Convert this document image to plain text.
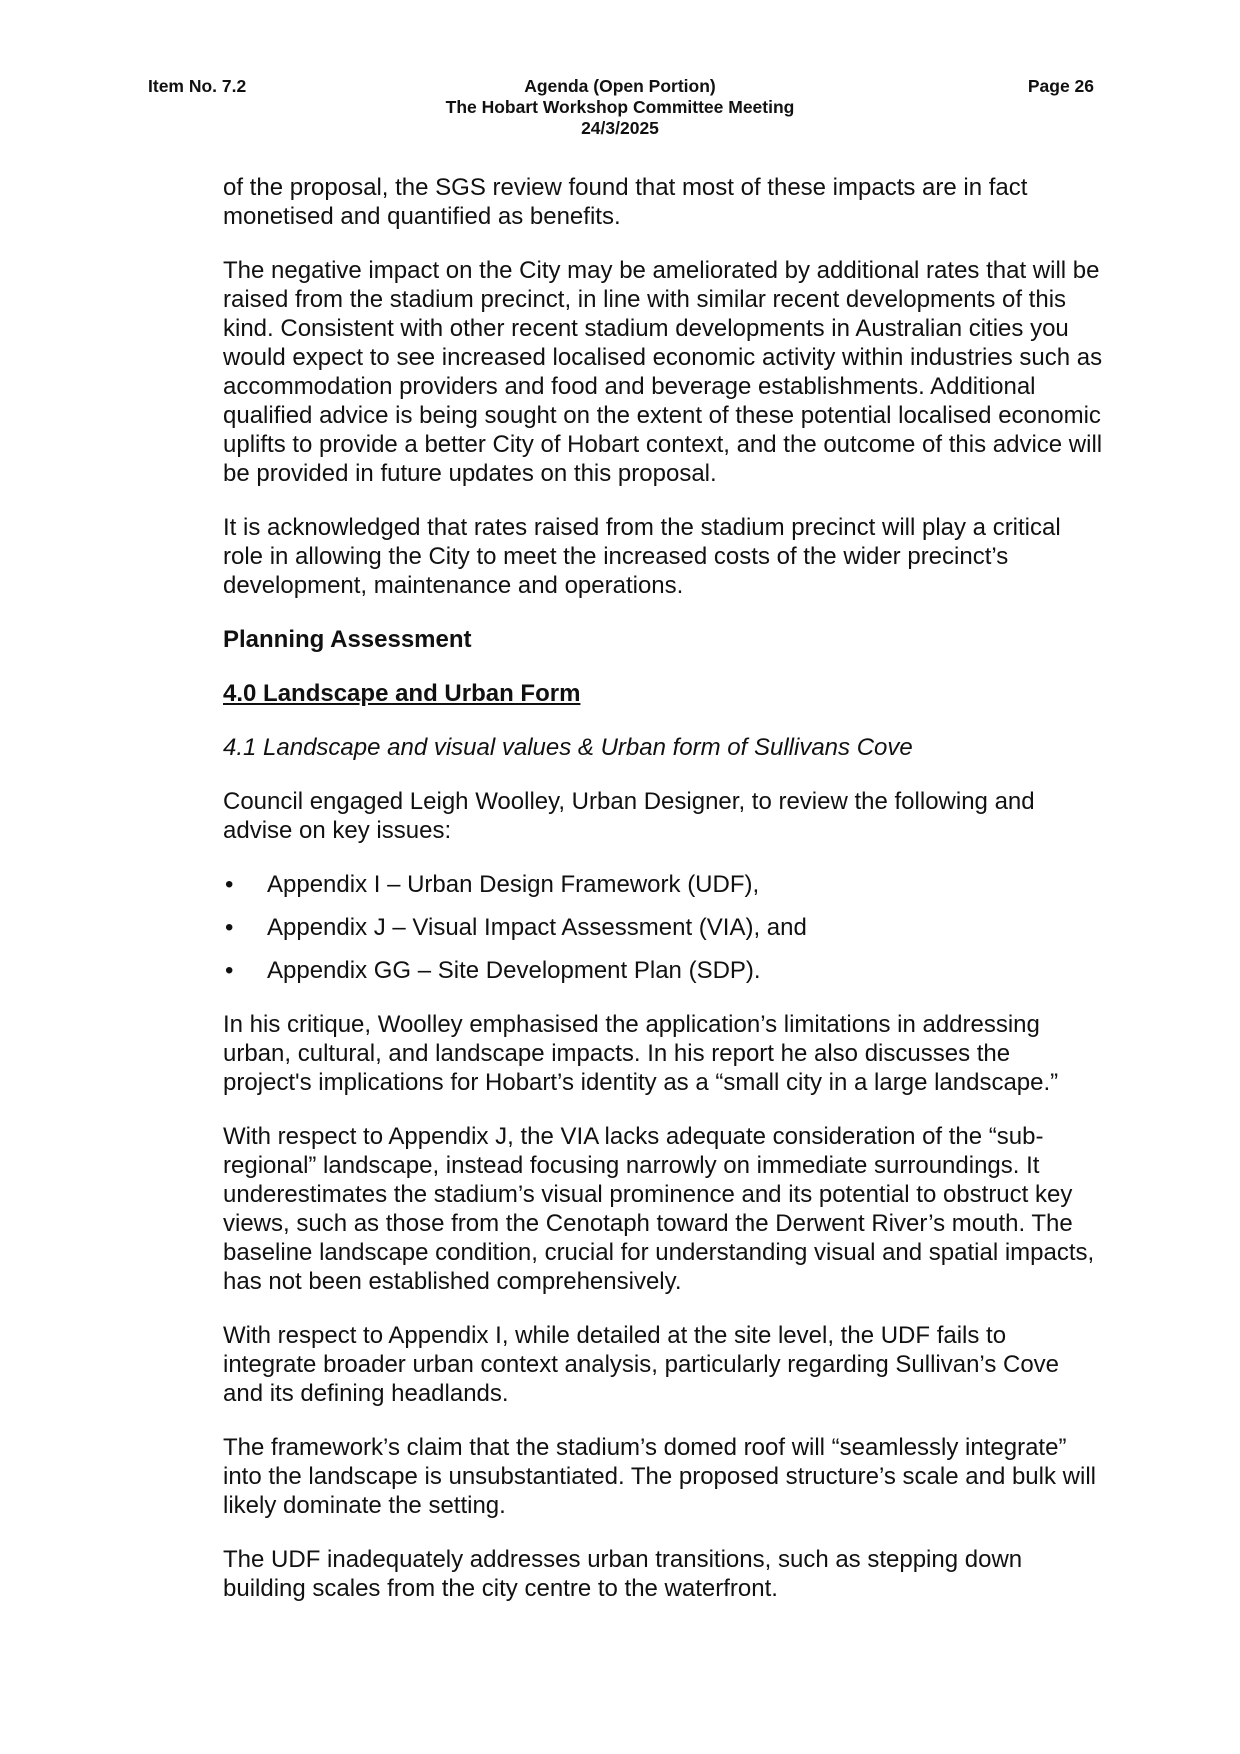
Item No. 7.2	Agenda (Open Portion)
The Hobart Workshop Committee Meeting
24/3/2025
Page 26

of the proposal, the SGS review found that most of these impacts are in fact monetised and quantified as benefits.

The negative impact on the City may be ameliorated by additional rates that will be raised from the stadium precinct, in line with similar recent developments of this kind. Consistent with other recent stadium developments in Australian cities you would expect to see increased localised economic activity within industries such as accommodation providers and food and beverage establishments. Additional qualified advice is being sought on the extent of these potential localised economic uplifts to provide a better City of Hobart context, and the outcome of this advice will be provided in future updates on this proposal.

It is acknowledged that rates raised from the stadium precinct will play a critical role in allowing the City to meet the increased costs of the wider precinct’s development, maintenance and operations.

Planning Assessment
4.0 Landscape and Urban Form
4.1 Landscape and visual values & Urban form of Sullivans Cove

Council engaged Leigh Woolley, Urban Designer, to review the following and advise on key issues:

• Appendix I – Urban Design Framework (UDF),
• Appendix J – Visual Impact Assessment (VIA), and
• Appendix GG – Site Development Plan (SDP).

In his critique, Woolley emphasised the application’s limitations in addressing urban, cultural, and landscape impacts. In his report he also discusses the project's implications for Hobart’s identity as a “small city in a large landscape.”

With respect to Appendix J, the VIA lacks adequate consideration of the “sub-regional” landscape, instead focusing narrowly on immediate surroundings. It underestimates the stadium’s visual prominence and its potential to obstruct key views, such as those from the Cenotaph toward the Derwent River’s mouth. The baseline landscape condition, crucial for understanding visual and spatial impacts, has not been established comprehensively.

With respect to Appendix I, while detailed at the site level, the UDF fails to integrate broader urban context analysis, particularly regarding Sullivan’s Cove and its defining headlands.

The framework’s claim that the stadium’s domed roof will “seamlessly integrate” into the landscape is unsubstantiated. The proposed structure’s scale and bulk will likely dominate the setting.

The UDF inadequately addresses urban transitions, such as stepping down building scales from the city centre to the waterfront.
